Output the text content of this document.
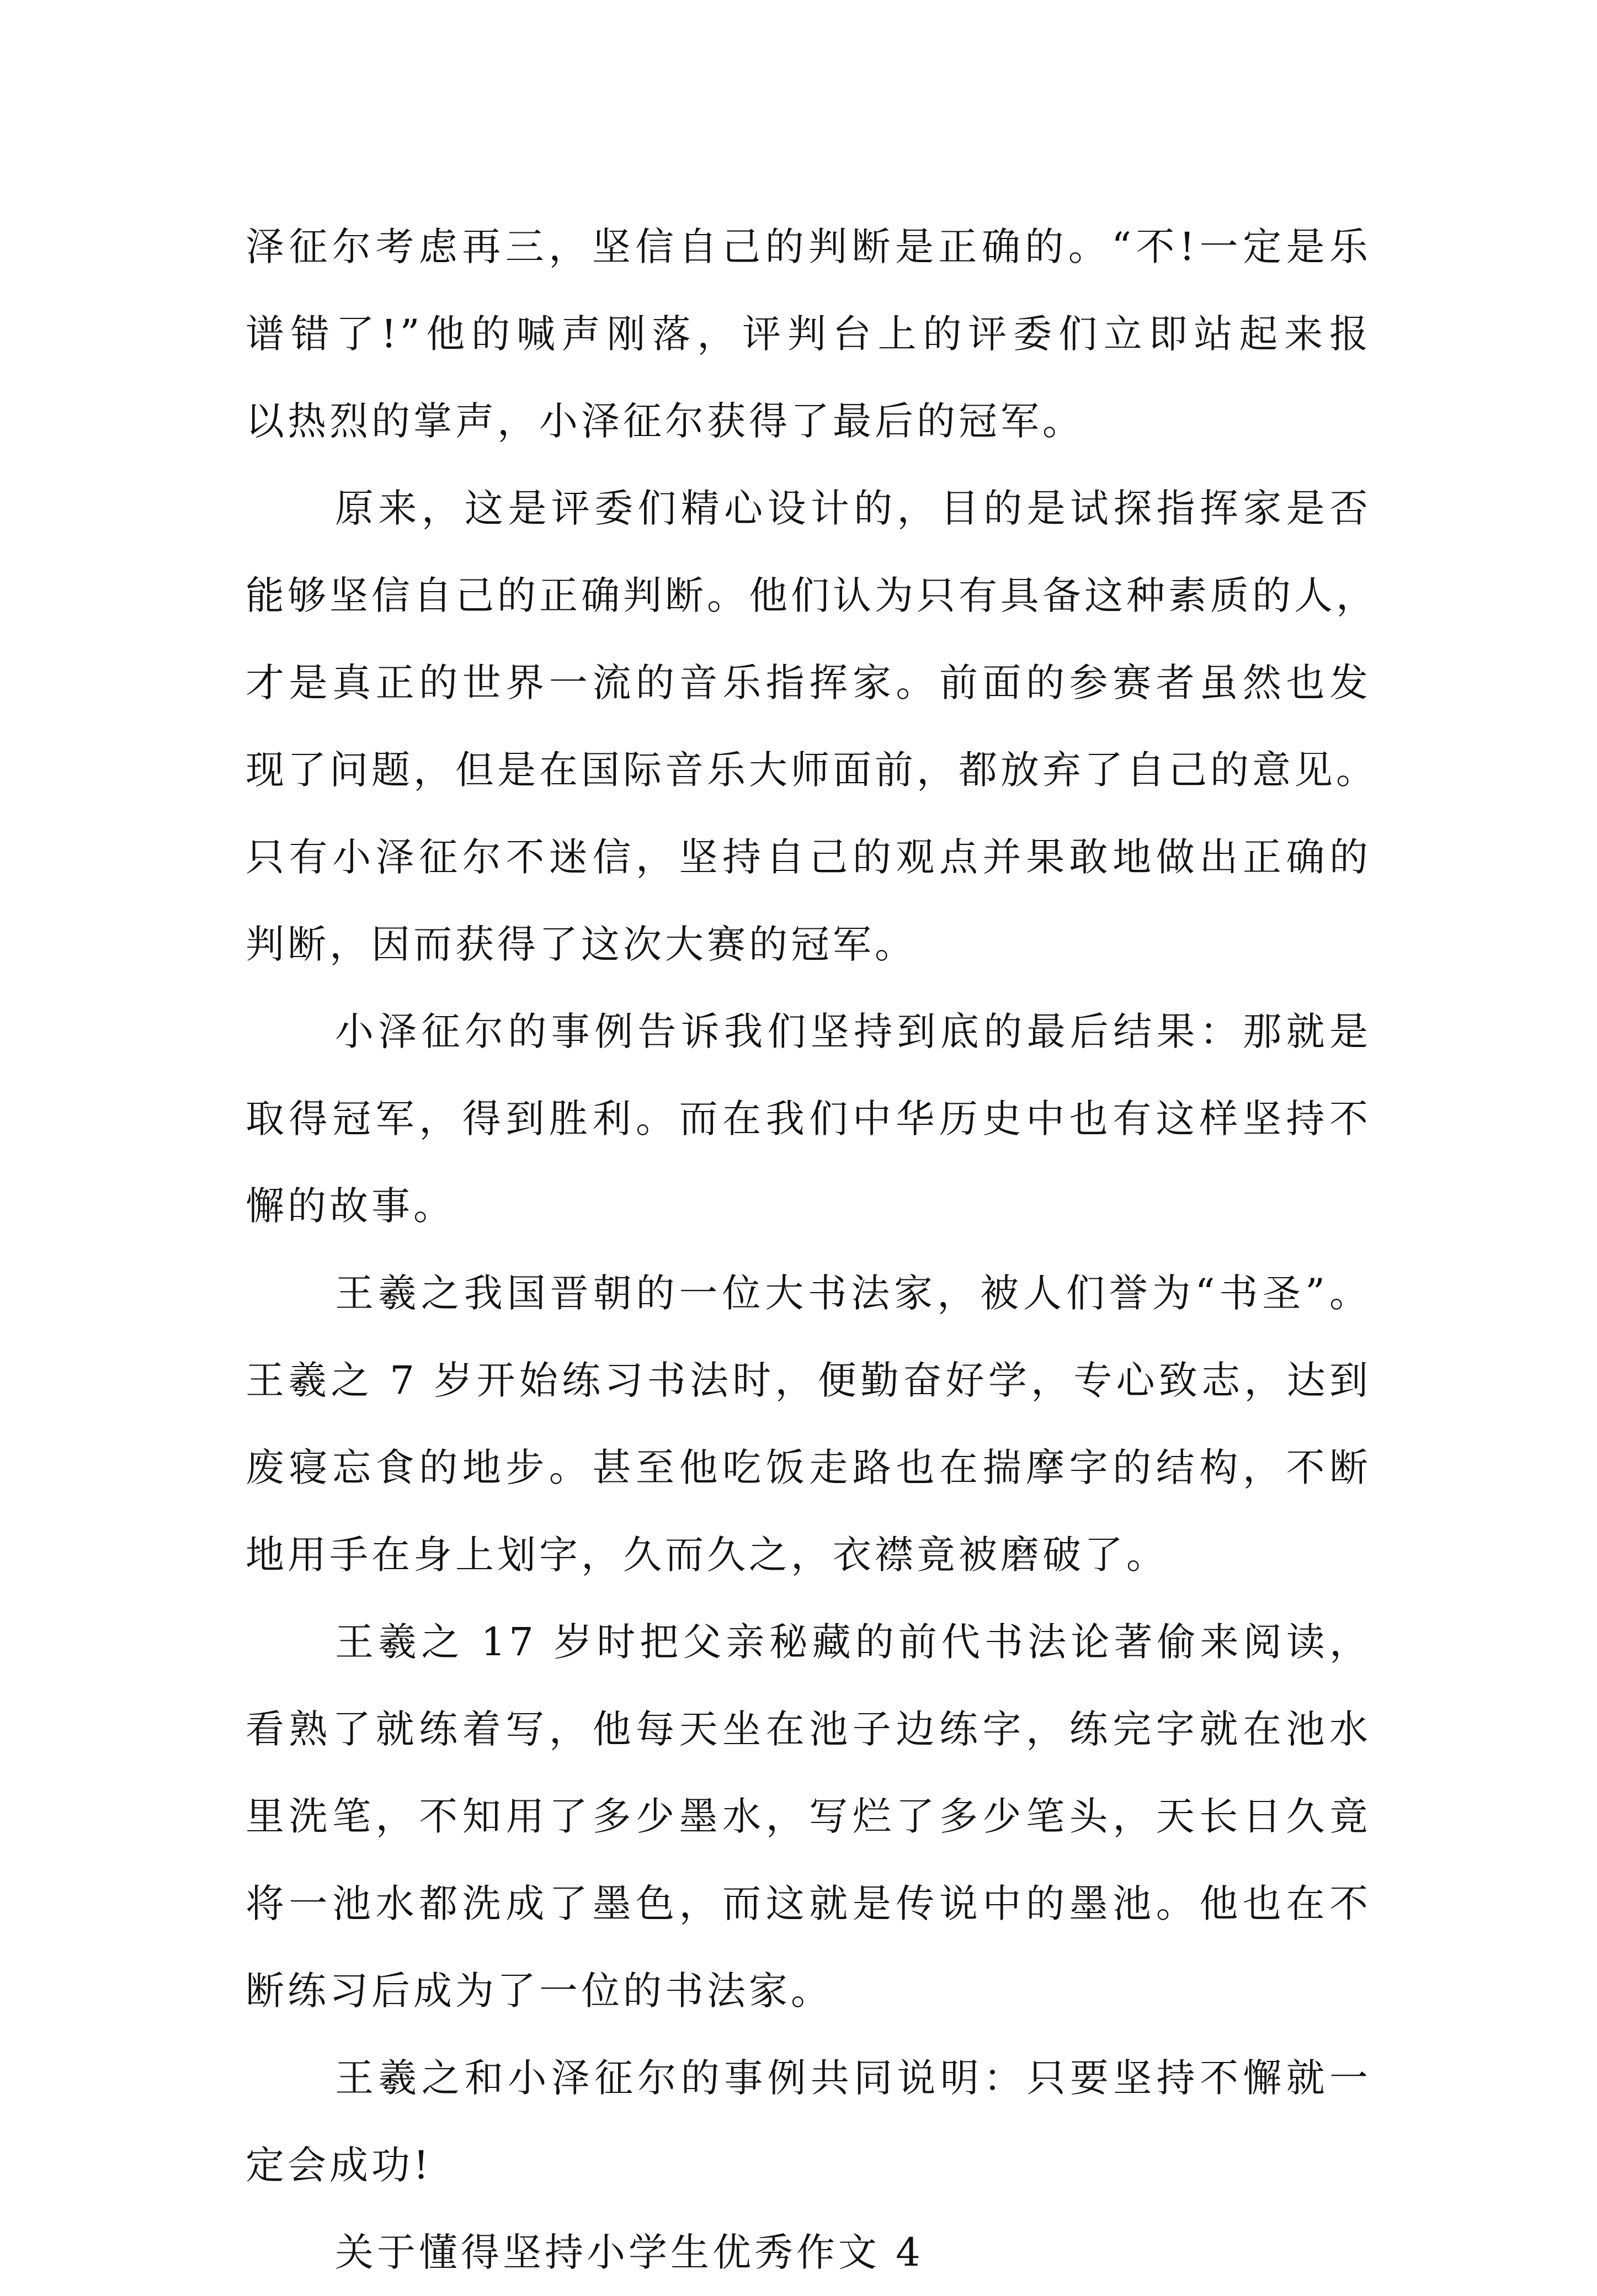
泽征尔考虑再三，坚信自己的判断是正确的。“不!一定是乐
谱错了!”他的喊声刚落，评判台上的评委们立即站起来报
以热烈的掌声，小泽征尔获得了最后的冠军。
原来，这是评委们精心设计的，目的是试探指挥家是否
能够坚信自己的正确判断。他们认为只有具备这种素质的人，
才是真正的世界一流的音乐指挥家。前面的参赛者虽然也发
现了问题，但是在国际音乐大师面前，都放弃了自己的意见。
只有小泽征尔不迷信，坚持自己的观点并果敢地做出正确的
判断，因而获得了这次大赛的冠军。
小泽征尔的事例告诉我们坚持到底的最后结果：那就是
取得冠军，得到胜利。而在我们中华历史中也有这样坚持不
懈的故事。
王羲之我国晋朝的一位大书法家，被人们誉为“书圣”。
王羲之 7 岁开始练习书法时，便勤奋好学，专心致志，达到
废寝忘食的地步。甚至他吃饭走路也在揣摩字的结构，不断
地用手在身上划字，久而久之，衣襟竟被磨破了。
王羲之 17 岁时把父亲秘藏的前代书法论著偷来阅读，
看熟了就练着写，他每天坐在池子边练字，练完字就在池水
里洗笔，不知用了多少墨水，写烂了多少笔头，天长日久竟
将一池水都洗成了墨色，而这就是传说中的墨池。他也在不
断练习后成为了一位的书法家。
王羲之和小泽征尔的事例共同说明：只要坚持不懈就一
定会成功!
关于懂得坚持小学生优秀作文 4
